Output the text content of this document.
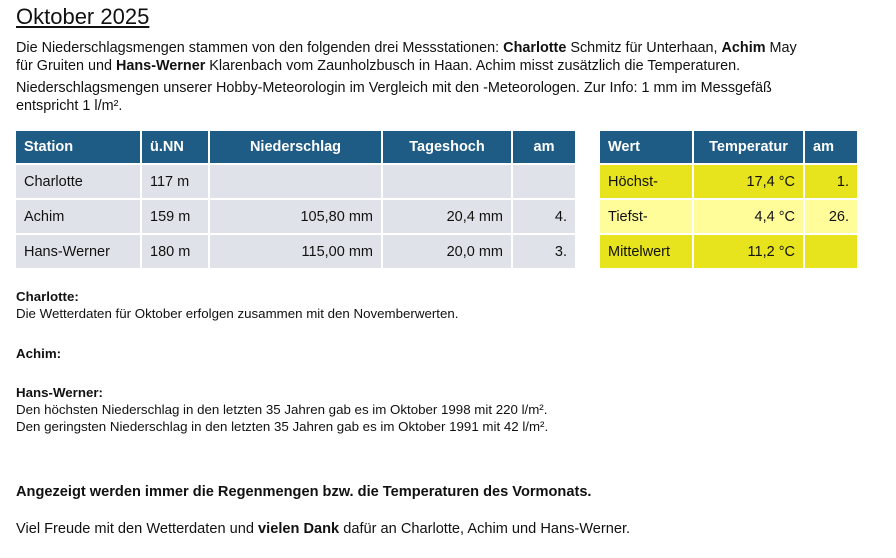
Oktober 2025
Die Niederschlagsmengen stammen von den folgenden drei Messstationen: Charlotte Schmitz für Unterhaan, Achim May
für Gruiten und Hans-Werner Klarenbach vom Zaunholzbusch in Haan. Achim misst zusätzlich die Temperaturen.
Niederschlagsmengen unserer Hobby-Meteorologin im Vergleich mit den -Meteorologen. Zur Info: 1 mm im Messgefäß
entspricht 1 l/m².
Station	ü.NN	Niederschlag	Tageshoch	am
Charlotte	117 m			
Achim	159 m	105,80 mm	20,4 mm	4.
Hans-Werner	180 m	115,00 mm	20,0 mm	3.
Wert	Temperatur	am
Höchst-	17,4 °C	1.
Tiefst-	4,4 °C	26.
Mittelwert	11,2 °C	
Charlotte:
Die Wetterdaten für Oktober erfolgen zusammen mit den Novemberwerten.
Achim:
Hans-Werner:
Den höchsten Niederschlag in den letzten 35 Jahren gab es im Oktober 1998 mit 220 l/m².
Den geringsten Niederschlag in den letzten 35 Jahren gab es im Oktober 1991 mit 42 l/m².
Angezeigt werden immer die Regenmengen bzw. die Temperaturen des Vormonats.
Viel Freude mit den Wetterdaten und vielen Dank dafür an Charlotte, Achim und Hans-Werner.
